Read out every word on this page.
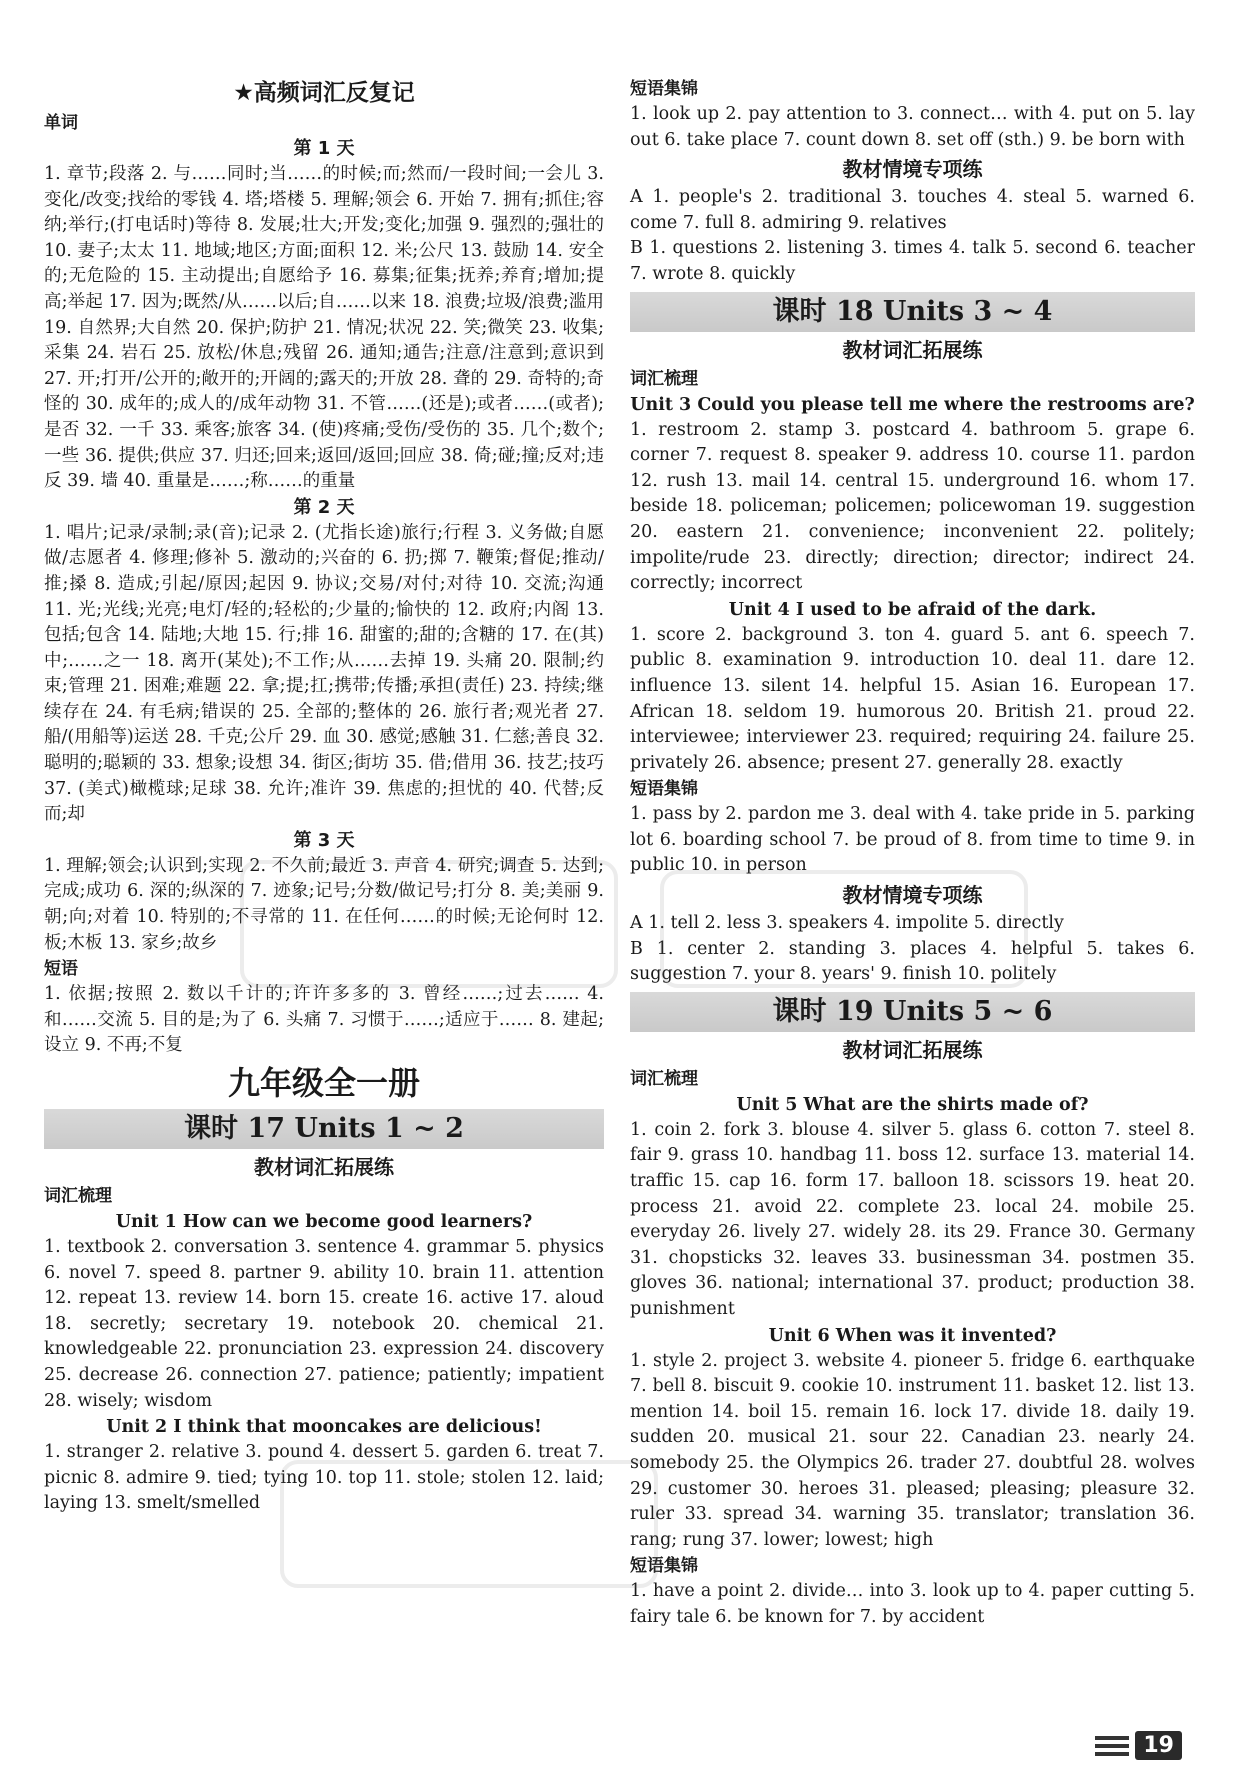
★高频词汇反复记

单词

第 1 天

1. 章节;段落 2. 与……同时;当……的时候;而;然而/一段时间;一会儿 3. 变化/改变;找给的零钱 4. 塔;塔楼 5. 理解;领会 6. 开始 7. 拥有;抓住;容纳;举行;(打电话时)等待 8. 发展;壮大;开发;变化;加强 9. 强烈的;强壮的 10. 妻子;太太 11. 地域;地区;方面;面积 12. 米;公尺 13. 鼓励 14. 安全的;无危险的 15. 主动提出;自愿给予 16. 募集;征集;抚养;养育;增加;提高;举起 17. 因为;既然/从……以后;自……以来 18. 浪费;垃圾/浪费;滥用 19. 自然界;大自然 20. 保护;防护 21. 情况;状况 22. 笑;微笑 23. 收集;采集 24. 岩石 25. 放松/休息;残留 26. 通知;通告;注意/注意到;意识到 27. 开;打开/公开的;敞开的;开阔的;露天的;开放 28. 聋的 29. 奇特的;奇怪的 30. 成年的;成人的/成年动物 31. 不管……(还是);或者……(或者);是否 32. 一千 33. 乘客;旅客 34. (使)疼痛;受伤/受伤的 35. 几个;数个;一些 36. 提供;供应 37. 归还;回来;返回/返回;回应 38. 倚;碰;撞;反对;违反 39. 墙 40. 重量是……;称……的重量

第 2 天

1. 唱片;记录/录制;录(音);记录 2. (尤指长途)旅行;行程 3. 义务做;自愿做/志愿者 4. 修理;修补 5. 激动的;兴奋的 6. 扔;掷 7. 鞭策;督促;推动/推;搡 8. 造成;引起/原因;起因 9. 协议;交易/对付;对待 10. 交流;沟通 11. 光;光线;光亮;电灯/轻的;轻松的;少量的;愉快的 12. 政府;内阁 13. 包括;包含 14. 陆地;大地 15. 行;排 16. 甜蜜的;甜的;含糖的 17. 在(其)中;……之一 18. 离开(某处);不工作;从……去掉 19. 头痛 20. 限制;约束;管理 21. 困难;难题 22. 拿;提;扛;携带;传播;承担(责任) 23. 持续;继续存在 24. 有毛病;错误的 25. 全部的;整体的 26. 旅行者;观光者 27. 船/(用船等)运送 28. 千克;公斤 29. 血 30. 感觉;感触 31. 仁慈;善良 32. 聪明的;聪颖的 33. 想象;设想 34. 街区;街坊 35. 借;借用 36. 技艺;技巧 37. (美式)橄榄球;足球 38. 允许;准许 39. 焦虑的;担忧的 40. 代替;反而;却

第 3 天

1. 理解;领会;认识到;实现 2. 不久前;最近 3. 声音 4. 研究;调查 5. 达到;完成;成功 6. 深的;纵深的 7. 迹象;记号;分数/做记号;打分 8. 美;美丽 9. 朝;向;对着 10. 特别的;不寻常的 11. 在任何……的时候;无论何时 12. 板;木板 13. 家乡;故乡

短语

1. 依据;按照 2. 数以千计的;许许多多的 3. 曾经……;过去…… 4. 和……交流 5. 目的是;为了 6. 头痛 7. 习惯于……;适应于…… 8. 建起;设立 9. 不再;不复

九年级全一册

课时 17 Units 1 ~ 2

教材词汇拓展练

词汇梳理

Unit 1 How can we become good learners?

1. textbook 2. conversation 3. sentence 4. grammar 5. physics 6. novel 7. speed 8. partner 9. ability 10. brain 11. attention 12. repeat 13. review 14. born 15. create 16. active 17. aloud 18. secretly; secretary 19. notebook 20. chemical 21. knowledgeable 22. pronunciation 23. expression 24. discovery 25. decrease 26. connection 27. patience; patiently; impatient 28. wisely; wisdom

Unit 2 I think that mooncakes are delicious!

1. stranger 2. relative 3. pound 4. dessert 5. garden 6. treat 7. picnic 8. admire 9. tied; tying 10. top 11. stole; stolen 12. laid; laying 13. smelt/smelled

短语集锦

1. look up 2. pay attention to 3. connect… with 4. put on 5. lay out 6. take place 7. count down 8. set off (sth.) 9. be born with

教材情境专项练

A 1. people's 2. traditional 3. touches 4. steal 5. warned 6. come 7. full 8. admiring 9. relatives

B 1. questions 2. listening 3. times 4. talk 5. second 6. teacher 7. wrote 8. quickly

课时 18 Units 3 ~ 4

教材词汇拓展练

词汇梳理

Unit 3 Could you please tell me where the restrooms are?

1. restroom 2. stamp 3. postcard 4. bathroom 5. grape 6. corner 7. request 8. speaker 9. address 10. course 11. pardon 12. rush 13. mail 14. central 15. underground 16. whom 17. beside 18. policeman; policemen; policewoman 19. suggestion 20. eastern 21. convenience; inconvenient 22. politely; impolite/rude 23. directly; direction; director; indirect 24. correctly; incorrect

Unit 4 I used to be afraid of the dark.

1. score 2. background 3. ton 4. guard 5. ant 6. speech 7. public 8. examination 9. introduction 10. deal 11. dare 12. influence 13. silent 14. helpful 15. Asian 16. European 17. African 18. seldom 19. humorous 20. British 21. proud 22. interviewee; interviewer 23. required; requiring 24. failure 25. privately 26. absence; present 27. generally 28. exactly

短语集锦

1. pass by 2. pardon me 3. deal with 4. take pride in 5. parking lot 6. boarding school 7. be proud of 8. from time to time 9. in public 10. in person

教材情境专项练

A 1. tell 2. less 3. speakers 4. impolite 5. directly

B 1. center 2. standing 3. places 4. helpful 5. takes 6. suggestion 7. your 8. years' 9. finish 10. politely

课时 19 Units 5 ~ 6

教材词汇拓展练

词汇梳理

Unit 5 What are the shirts made of?

1. coin 2. fork 3. blouse 4. silver 5. glass 6. cotton 7. steel 8. fair 9. grass 10. handbag 11. boss 12. surface 13. material 14. traffic 15. cap 16. form 17. balloon 18. scissors 19. heat 20. process 21. avoid 22. complete 23. local 24. mobile 25. everyday 26. lively 27. widely 28. its 29. France 30. Germany 31. chopsticks 32. leaves 33. businessman 34. postmen 35. gloves 36. national; international 37. product; production 38. punishment

Unit 6 When was it invented?

1. style 2. project 3. website 4. pioneer 5. fridge 6. earthquake 7. bell 8. biscuit 9. cookie 10. instrument 11. basket 12. list 13. mention 14. boil 15. remain 16. lock 17. divide 18. daily 19. sudden 20. musical 21. sour 22. Canadian 23. nearly 24. somebody 25. the Olympics 26. trader 27. doubtful 28. wolves 29. customer 30. heroes 31. pleased; pleasing; pleasure 32. ruler 33. spread 34. warning 35. translator; translation 36. rang; rung 37. lower; lowest; high

短语集锦

1. have a point 2. divide… into 3. look up to 4. paper cutting 5. fairy tale 6. be known for 7. by accident

19
